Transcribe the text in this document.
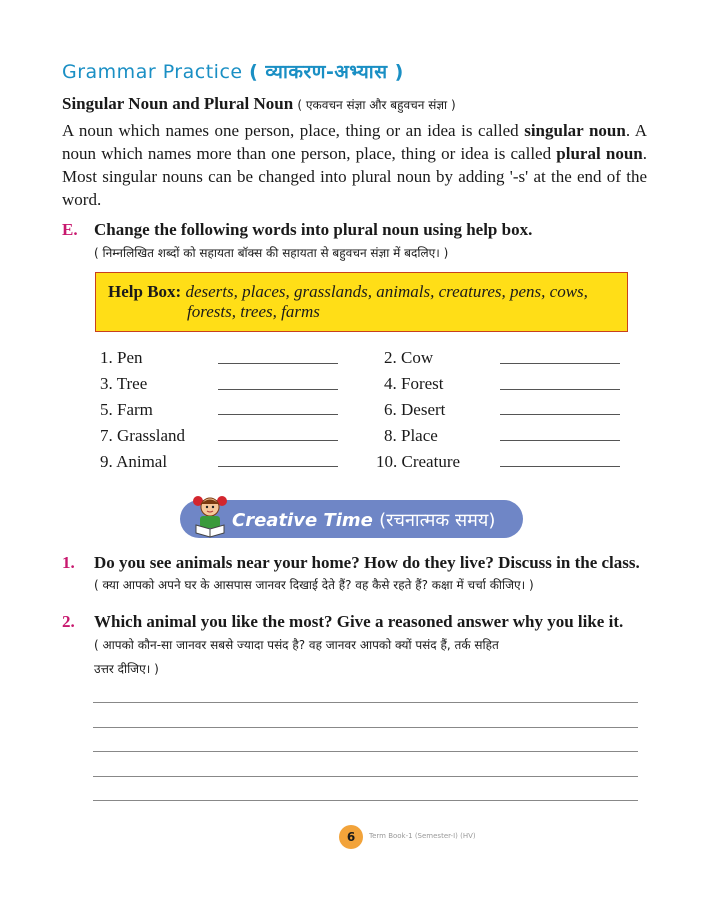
Grammar Practice ( व्याकरण-अभ्यास )
Singular Noun and Plural Noun ( एकवचन संज्ञा और बहुवचन संज्ञा )
A noun which names one person, place, thing or an idea is called singular noun. A noun which names more than one person, place, thing or idea is called plural noun. Most singular nouns can be changed into plural noun by adding '-s' at the end of the word.
E. Change the following words into plural noun using help box.
( निम्नलिखित शब्दों को सहायता बॉक्स की सहायता से बहुवचन संज्ञा में बदलिए। )
Help Box: deserts, places, grasslands, animals, creatures, pens, cows,
forests, trees, farms
1. Pen
3. Tree
5. Farm
7. Grassland
9. Animal
2. Cow
4. Forest
6. Desert
8. Place
10. Creature
Creative Time (रचनात्मक समय)
1. Do you see animals near your home? How do they live? Discuss in the class.
( क्या आपको अपने घर के आसपास जानवर दिखाई देते हैं? वह कैसे रहते हैं? कक्षा में चर्चा कीजिए। )
2. Which animal you like the most? Give a reasoned answer why you like it.
( आपको कौन-सा जानवर सबसे ज्यादा पसंद है? वह जानवर आपको क्यों पसंद हैं, तर्क सहित
उत्तर दीजिए। )
6	Term Book-1 (Semester-I) (HV)
